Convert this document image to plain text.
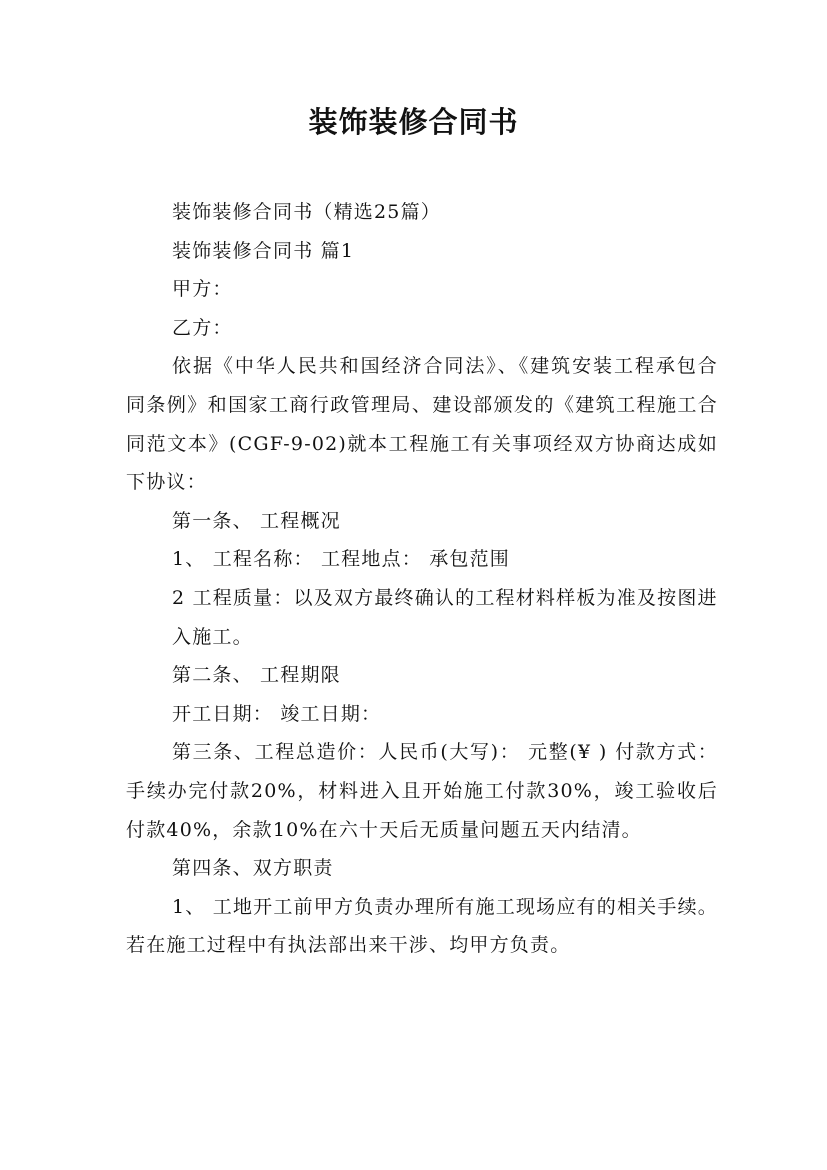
装饰装修合同书

装饰装修合同书（精选25篇）

装饰装修合同书 篇1

甲方：

乙方：

依据《中华人民共和国经济合同法》、《建筑安装工程承包合同条例》和国家工商行政管理局、建设部颁发的《建筑工程施工合同范文本》(CGF-9-02)就本工程施工有关事项经双方协商达成如下协议：

第一条、 工程概况

1、 工程名称： 工程地点： 承包范围

2 工程质量：以及双方最终确认的工程材料样板为准及按图进

入施工。

第二条、 工程期限

开工日期： 竣工日期：

第三条、工程总造价：人民币(大写)： 元整(¥ ) 付款方式：手续办完付款20%，材料进入且开始施工付款30%，竣工验收后付款40%，余款10%在六十天后无质量问题五天内结清。

第四条、双方职责

1、 工地开工前甲方负责办理所有施工现场应有的相关手续。若在施工过程中有执法部出来干涉、均甲方负责。
